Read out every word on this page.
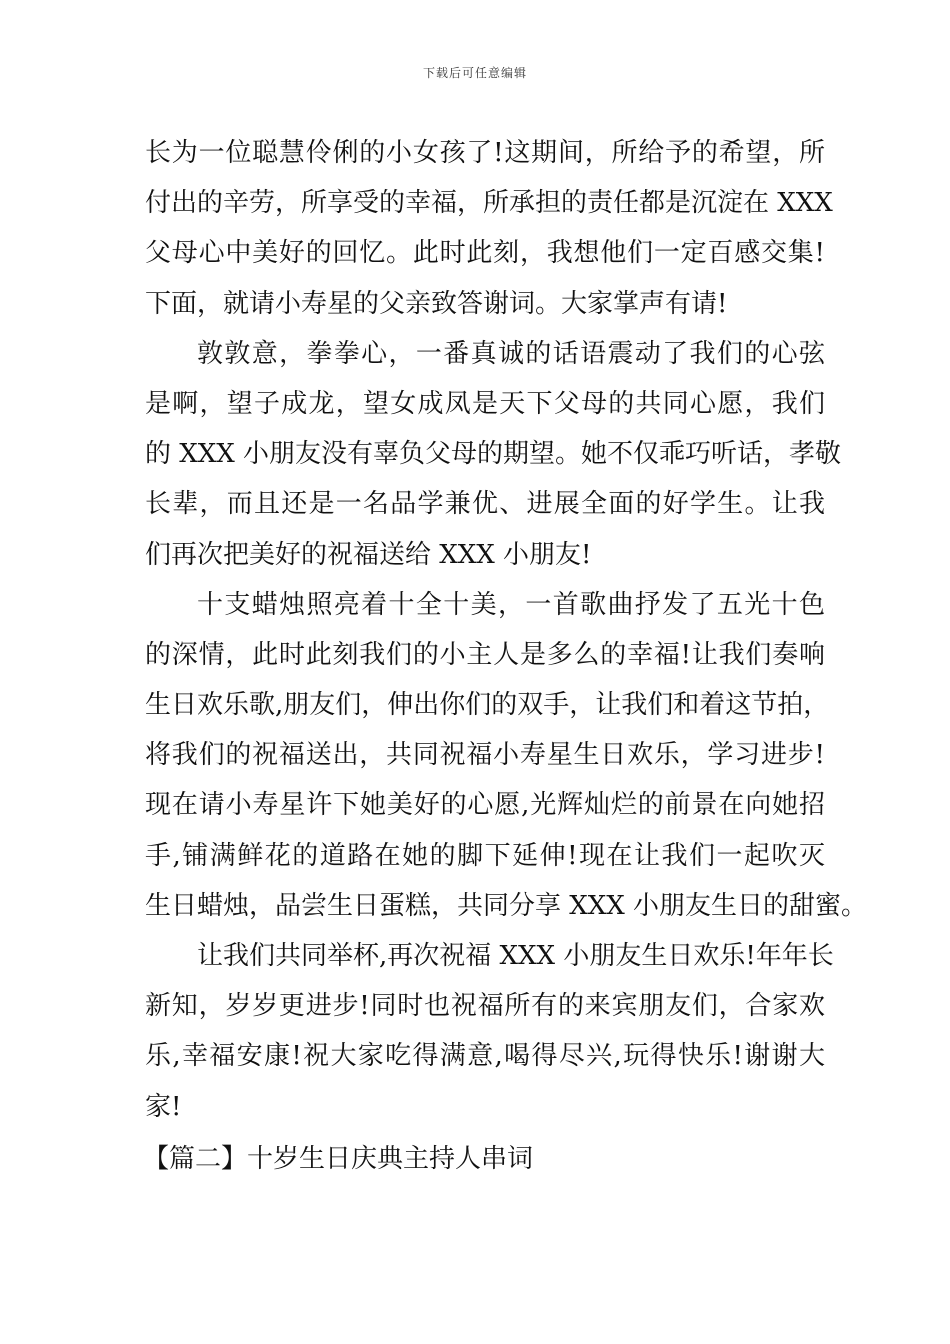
下载后可任意编辑
长为一位聪慧伶俐的小女孩了!这期间，所给予的希望，所
付出的辛劳，所享受的幸福，所承担的责任都是沉淀在 XXX
父母心中美好的回忆。此时此刻，我想他们一定百感交集!
下面，就请小寿星的父亲致答谢词。大家掌声有请!
敦敦意，拳拳心，一番真诚的话语震动了我们的心弦
是啊，望子成龙，望女成凤是天下父母的共同心愿，我们
的 XXX 小朋友没有辜负父母的期望。她不仅乖巧听话，孝敬
长辈，而且还是一名品学兼优、进展全面的好学生。让我
们再次把美好的祝福送给 XXX 小朋友!
十支蜡烛照亮着十全十美，一首歌曲抒发了五光十色
的深情，此时此刻我们的小主人是多么的幸福!让我们奏响
生日欢乐歌,朋友们，伸出你们的双手，让我们和着这节拍，
将我们的祝福送出，共同祝福小寿星生日欢乐，学习进步!
现在请小寿星许下她美好的心愿,光辉灿烂的前景在向她招
手,铺满鲜花的道路在她的脚下延伸!现在让我们一起吹灭
生日蜡烛，品尝生日蛋糕，共同分享 XXX 小朋友生日的甜蜜。
让我们共同举杯,再次祝福 XXX 小朋友生日欢乐!年年长
新知，岁岁更进步!同时也祝福所有的来宾朋友们，合家欢
乐,幸福安康!祝大家吃得满意,喝得尽兴,玩得快乐!谢谢大
家!
【篇二】十岁生日庆典主持人串词
